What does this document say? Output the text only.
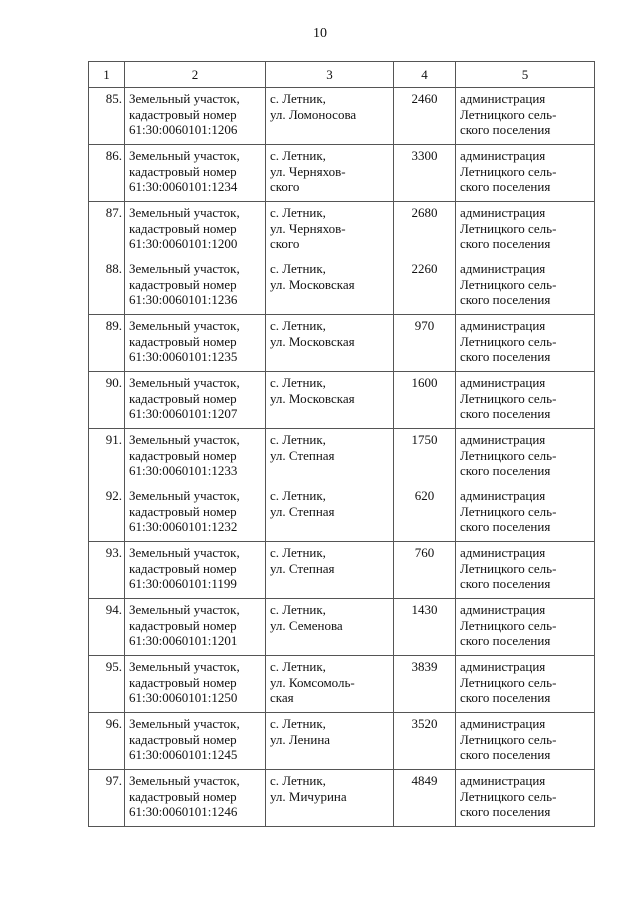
10
1	2	3	4	5
85.	Земельный участок,
кадастровый номер
61:30:0060101:1206	с. Летник,
ул. Ломоносова	2460	администрация
Летницкого сель-
ского поселения

86.	Земельный участок,
кадастровый номер
61:30:0060101:1234	с. Летник,
ул. Черняхов-
ского	3300	администрация
Летницкого сель-
ского поселения

87.	Земельный участок,
кадастровый номер
61:30:0060101:1200	с. Летник,
ул. Черняхов-
ского	2680	администрация
Летницкого сель-
ского поселения

88.	Земельный участок,
кадастровый номер
61:30:0060101:1236	с. Летник,
ул. Московская	2260	администрация
Летницкого сель-
ского поселения

89.	Земельный участок,
кадастровый номер
61:30:0060101:1235	с. Летник,
ул. Московская	970	администрация
Летницкого сель-
ского поселения

90.	Земельный участок,
кадастровый номер
61:30:0060101:1207	с. Летник,
ул. Московская	1600	администрация
Летницкого сель-
ского поселения

91.	Земельный участок,
кадастровый номер
61:30:0060101:1233	с. Летник,
ул. Степная	1750	администрация
Летницкого сель-
ского поселения

92.	Земельный участок,
кадастровый номер
61:30:0060101:1232	с. Летник,
ул. Степная	620	администрация
Летницкого сель-
ского поселения

93.	Земельный участок,
кадастровый номер
61:30:0060101:1199	с. Летник,
ул. Степная	760	администрация
Летницкого сель-
ского поселения

94.	Земельный участок,
кадастровый номер
61:30:0060101:1201	с. Летник,
ул. Семенова	1430	администрация
Летницкого сель-
ского поселения

95.	Земельный участок,
кадастровый номер
61:30:0060101:1250	с. Летник,
ул. Комсомоль-
ская	3839	администрация
Летницкого сель-
ского поселения

96.	Земельный участок,
кадастровый номер
61:30:0060101:1245	с. Летник,
ул. Ленина	3520	администрация
Летницкого сель-
ского поселения

97.	Земельный участок,
кадастровый номер
61:30:0060101:1246	с. Летник,
ул. Мичурина	4849	администрация
Летницкого сель-
ского поселения
